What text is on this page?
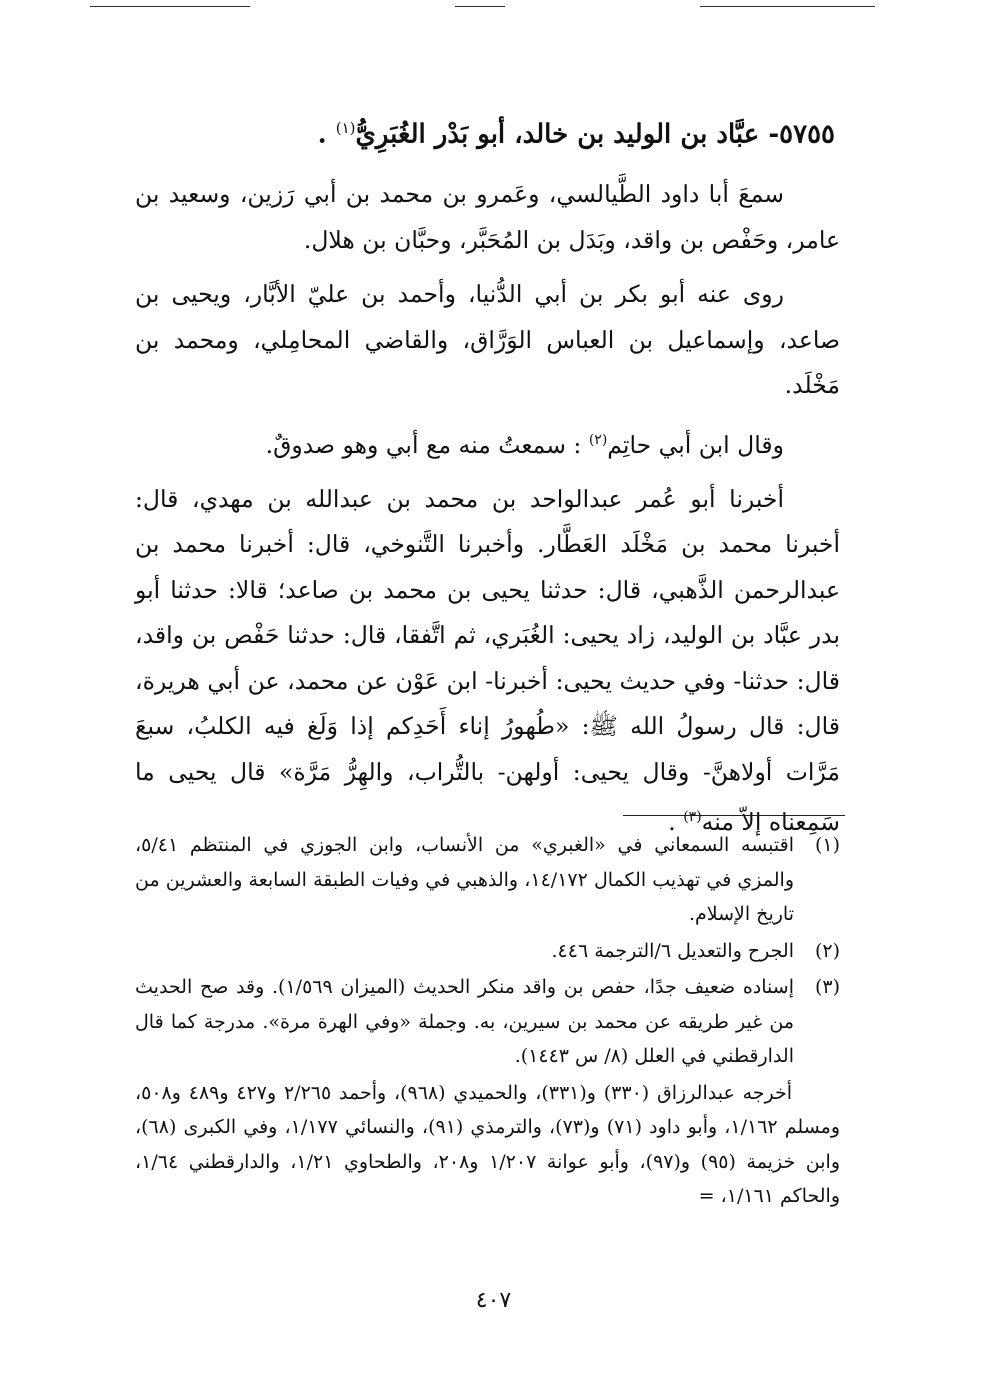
٥٧٥٥- عبَّاد بن الوليد بن خالد، أبو بَدْر الغُبَرِيُّ$^{(١)}$ .

سمعَ أبا داود الطَّيالسي، وعَمرو بن محمد بن أبي رَزين، وسعيد بن عامر، وحَفْص بن واقد، وبَدَل بن المُحَبَّر، وحبَّان بن هلال.

روى عنه أبو بكر بن أبي الدُّنيا، وأحمد بن عليّ الأبَّار، ويحيى بن صاعد، وإسماعيل بن العباس الوَرَّاق، والقاضي المحامِلي، ومحمد بن مَخْلَد.

وقال ابن أبي حاتِم$^{(٢)}$ : سمعتُ منه مع أبي وهو صدوقٌ.

أخبرنا أبو عُمر عبدالواحد بن محمد بن عبدالله بن مهدي، قال: أخبرنا محمد بن مَخْلَد العَطَّار. وأخبرنا التَّنوخي، قال: أخبرنا محمد بن عبدالرحمن الذَّهبي، قال: حدثنا يحيى بن محمد بن صاعد؛ قالا: حدثنا أبو بدر عبَّاد بن الوليد، زاد يحيى: الغُبَري، ثم اتَّفقا، قال: حدثنا حَفْص بن واقد، قال: حدثنا- وفي حديث يحيى: أخبرنا- ابن عَوْن عن محمد، عن أبي هريرة، قال: قال رسولُ الله ﷺ: «طُهورُ إناء أَحَدِكم إذا وَلَغ فيه الكلبُ، سبعَ مَرَّات أولاهنَّ- وقال يحيى: أولهن- بالتُّراب، والهِرُّ مَرَّة» قال يحيى ما سَمِعناه إلاّ منه$^{(٣)}$ .

(١)
اقتبسه السمعاني في «الغبري» من الأنساب، وابن الجوزي في المنتظم ٥/٤١، والمزي في تهذيب الكمال ١٤/١٧٢، والذهبي في وفيات الطبقة السابعة والعشرين من تاريخ الإسلام.
(٢)
الجرح والتعديل ٦/الترجمة ٤٤٦.
(٣)
إسناده ضعيف جدًا، حفص بن واقد منكر الحديث (الميزان ١/٥٦٩). وقد صح الحديث من غير طريقه عن محمد بن سيرين، به. وجملة «وفي الهرة مرة». مدرجة كما قال الدارقطني في العلل (٨/ س ١٤٤٣).

أخرجه عبدالرزاق (٣٣٠) و(٣٣١)، والحميدي (٩٦٨)، وأحمد ٢/٢٦٥ و٤٢٧ و٤٨٩ و٥٠٨، ومسلم ١/١٦٢، وأبو داود (٧١) و(٧٣)، والترمذي (٩١)، والنسائي ١/١٧٧، وفي الكبرى (٦٨)، وابن خزيمة (٩٥) و(٩٧)، وأبو عوانة ١/٢٠٧ و٢٠٨، والطحاوي ١/٢١، والدارقطني ١/٦٤، والحاكم ١/١٦١، =

٤٠٧
